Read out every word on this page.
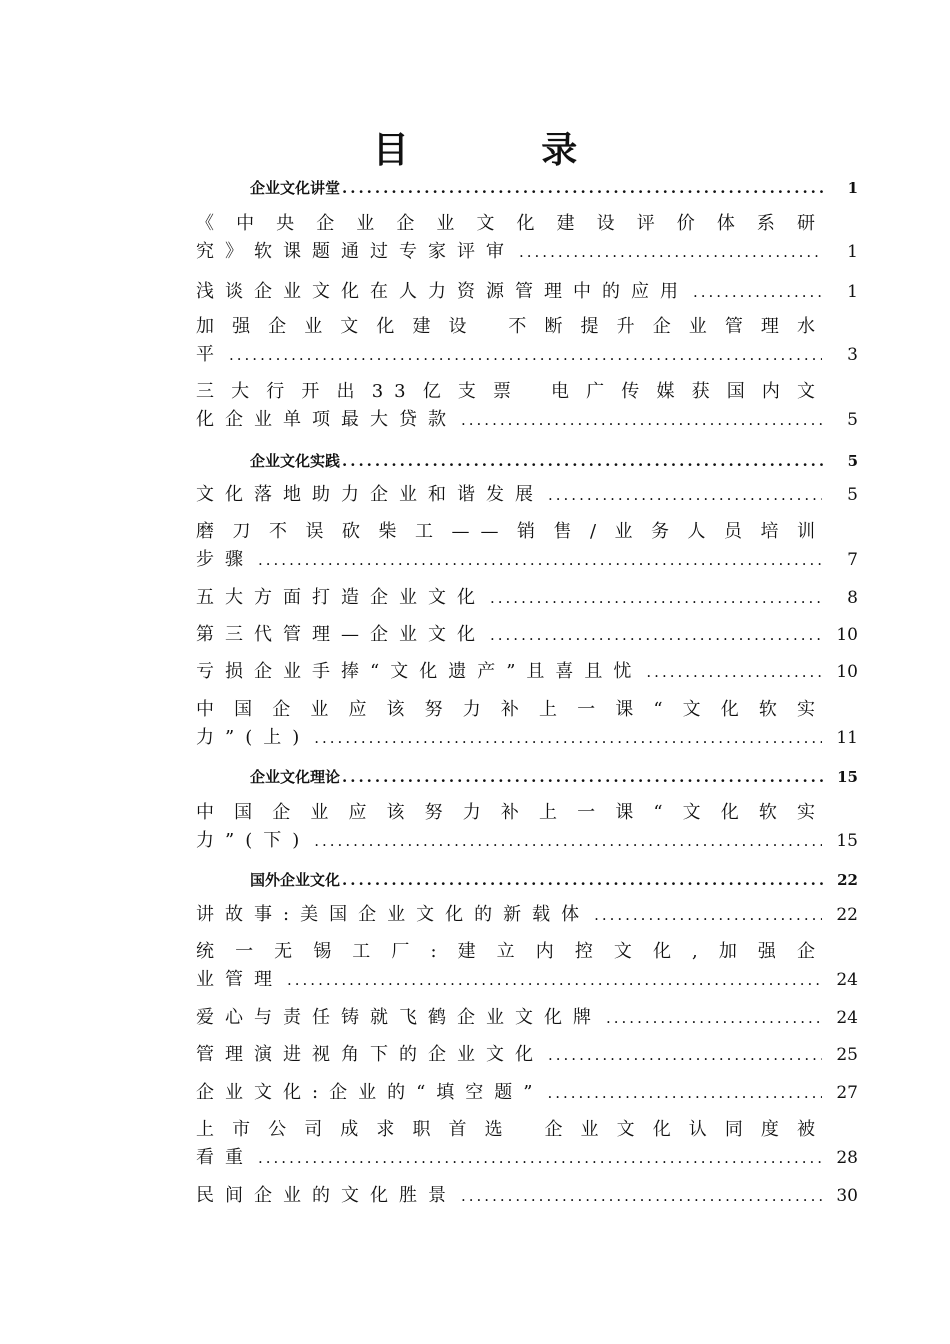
目 录
企业文化讲堂 .....	1
《中央企业企业文化建设评价体系研
究》软课题通过专家评审 .....	1
浅谈企业文化在人力资源管理中的应用 .....	1
加强企业文化建设 不断提升企业管理水
平 .....	3
三大行开出33亿支票 电广传媒获国内文
化企业单项最大贷款 .....	5
企业文化实践 .....	5
文化落地助力企业和谐发展 .....	5
磨刀不误砍柴工——销售/业务人员培训
步骤 .....	7
五大方面打造企业文化 .....	8
第三代管理—企业文化 .....	10
亏损企业手捧“文化遗产”且喜且忧 .....	10
中国企业应该努力补上一课“文化软实
力”(上) .....	11
企业文化理论 .....	15
中国企业应该努力补上一课“文化软实
力”(下) .....	15
国外企业文化 .....	22
讲故事:美国企业文化的新载体 .....	22
统一无锡工厂:建立内控文化,加强企
业管理 .....	24
爱心与责任铸就飞鹤企业文化牌 .....	24
管理演进视角下的企业文化 .....	25
企业文化:企业的“填空题” .....	27
上市公司成求职首选 企业文化认同度被
看重 .....	28
民间企业的文化胜景 .....	30
